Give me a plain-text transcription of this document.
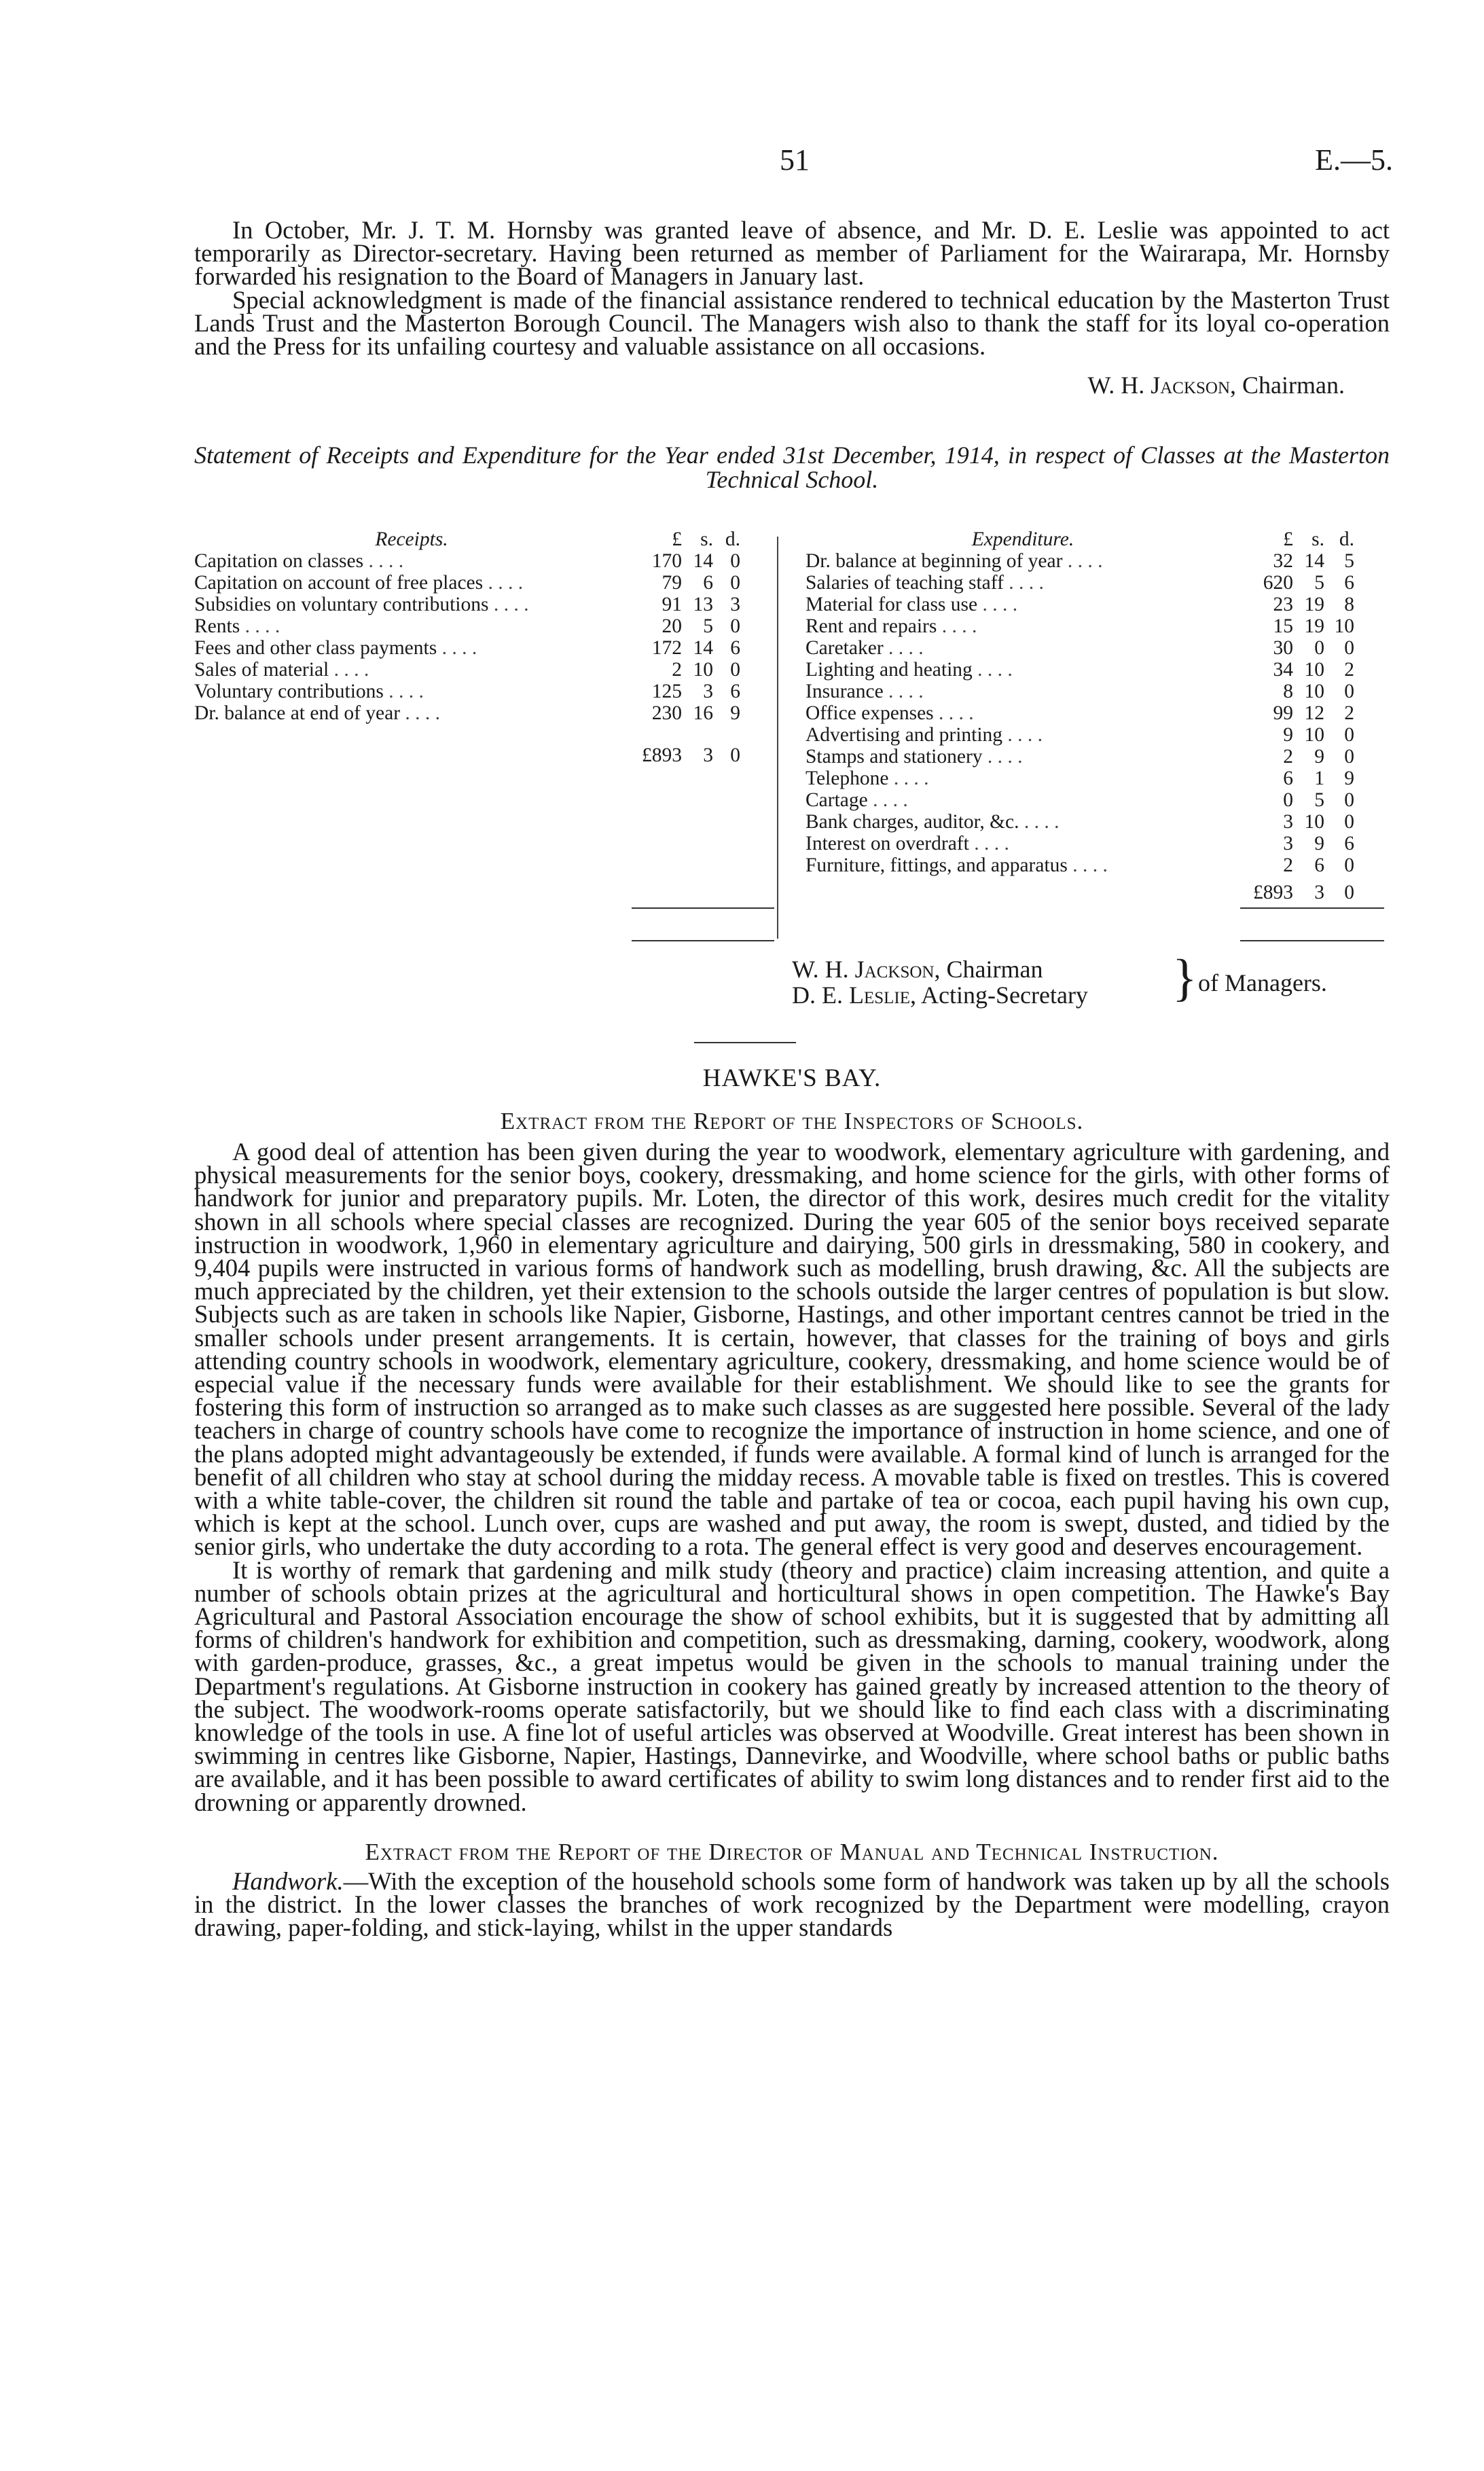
51	E.—5.

In October, Mr. J. T. M. Hornsby was granted leave of absence, and Mr. D. E. Leslie was appointed to act temporarily as Director-secretary. Having been returned as member of Parliament for the Wairarapa, Mr. Hornsby forwarded his resignation to the Board of Managers in January last.

Special acknowledgment is made of the financial assistance rendered to technical education by the Masterton Trust Lands Trust and the Masterton Borough Council. The Managers wish also to thank the staff for its loyal co-operation and the Press for its unfailing courtesy and valuable assistance on all occasions.

W. H. Jackson, Chairman.

Statement of Receipts and Expenditure for the Year ended 31st December, 1914, in respect of Classes at the Masterton Technical School.

Receipts.	£	s.	d.
Capitation on classes . . . .	170	14	0
Capitation on account of free places . . . .	79	6	0
Subsidies on voluntary contributions . . . .	91	13	3
Rents . . . .	20	5	0
Fees and other class payments . . . .	172	14	6
Sales of material . . . .	2	10	0
Voluntary contributions . . . .	125	3	6
Dr. balance at end of year . . . .	230	16	9
	£893	3	0
Expenditure.	£	s.	d.
Dr. balance at beginning of year . . . .	32	14	5
Salaries of teaching staff . . . .	620	5	6
Material for class use . . . .	23	19	8
Rent and repairs . . . .	15	19	10
Caretaker . . . .	30	0	0
Lighting and heating . . . .	34	10	2
Insurance . . . .	8	10	0
Office expenses . . . .	99	12	2
Advertising and printing . . . .	9	10	0
Stamps and stationery . . . .	2	9	0
Telephone . . . .	6	1	9
Cartage . . . .	0	5	0
Bank charges, auditor, &c. . . . .	3	10	0
Interest on overdraft . . . .	3	9	6
Furniture, fittings, and apparatus . . . .	2	6	0
	£893	3	0
W. H. Jackson, Chairman
D. E. Leslie, Acting-Secretary } of Managers.

HAWKE'S BAY.

Extract from the Report of the Inspectors of Schools.

A good deal of attention has been given during the year to woodwork, elementary agriculture with gardening, and physical measurements for the senior boys, cookery, dressmaking, and home science for the girls, with other forms of handwork for junior and preparatory pupils. Mr. Loten, the director of this work, desires much credit for the vitality shown in all schools where special classes are recognized. During the year 605 of the senior boys received separate instruction in woodwork, 1,960 in elementary agriculture and dairying, 500 girls in dressmaking, 580 in cookery, and 9,404 pupils were instructed in various forms of handwork such as modelling, brush drawing, &c. All the subjects are much appreciated by the children, yet their extension to the schools outside the larger centres of population is but slow. Subjects such as are taken in schools like Napier, Gisborne, Hastings, and other important centres cannot be tried in the smaller schools under present arrangements. It is certain, however, that classes for the training of boys and girls attending country schools in woodwork, elementary agriculture, cookery, dressmaking, and home science would be of especial value if the necessary funds were available for their establishment. We should like to see the grants for fostering this form of instruction so arranged as to make such classes as are suggested here possible. Several of the lady teachers in charge of country schools have come to recognize the importance of instruction in home science, and one of the plans adopted might advantageously be extended, if funds were available. A formal kind of lunch is arranged for the benefit of all children who stay at school during the midday recess. A movable table is fixed on trestles. This is covered with a white table-cover, the children sit round the table and partake of tea or cocoa, each pupil having his own cup, which is kept at the school. Lunch over, cups are washed and put away, the room is swept, dusted, and tidied by the senior girls, who undertake the duty according to a rota. The general effect is very good and deserves encouragement.

It is worthy of remark that gardening and milk study (theory and practice) claim increasing attention, and quite a number of schools obtain prizes at the agricultural and horticultural shows in open competition. The Hawke's Bay Agricultural and Pastoral Association encourage the show of school exhibits, but it is suggested that by admitting all forms of children's handwork for exhibition and competition, such as dressmaking, darning, cookery, woodwork, along with garden-produce, grasses, &c., a great impetus would be given in the schools to manual training under the Department's regulations. At Gisborne instruction in cookery has gained greatly by increased attention to the theory of the subject. The woodwork-rooms operate satisfactorily, but we should like to find each class with a discriminating knowledge of the tools in use. A fine lot of useful articles was observed at Woodville. Great interest has been shown in swimming in centres like Gisborne, Napier, Hastings, Dannevirke, and Woodville, where school baths or public baths are available, and it has been possible to award certificates of ability to swim long distances and to render first aid to the drowning or apparently drowned.

Extract from the Report of the Director of Manual and Technical Instruction.

Handwork.—With the exception of the household schools some form of handwork was taken up by all the schools in the district. In the lower classes the branches of work recognized by the Department were modelling, crayon drawing, paper-folding, and stick-laying, whilst in the upper standards
